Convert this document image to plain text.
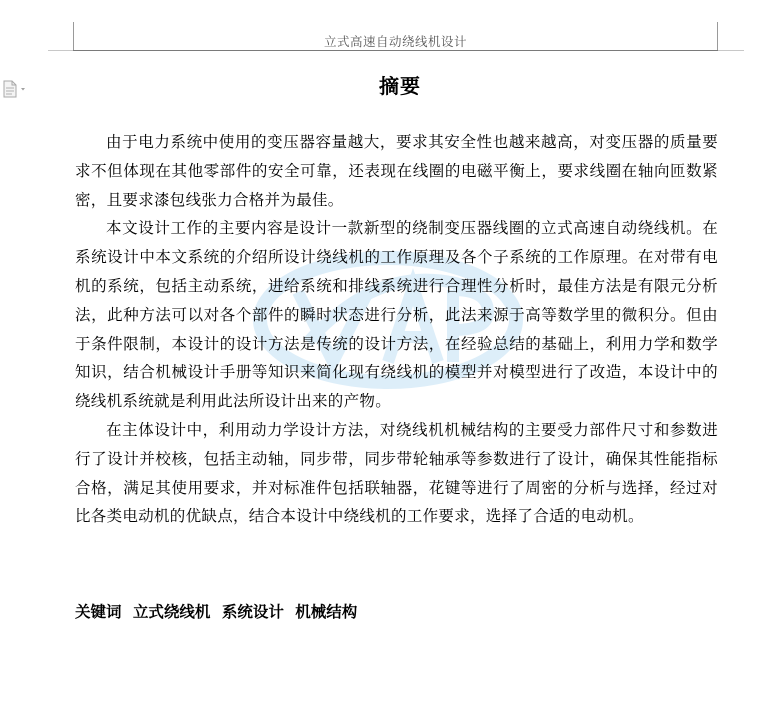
立式高速自动绕线机设计
摘要

由于电力系统中使用的变压器容量越大，要求其安全性也越来越高，对变压器的质量要求不但体现在其他零部件的安全可靠，还表现在线圈的电磁平衡上，要求线圈在轴向匝数紧密，且要求漆包线张力合格并为最佳。

本文设计工作的主要内容是设计一款新型的绕制变压器线圈的立式高速自动绕线机。在系统设计中本文系统的介绍所设计绕线机的工作原理及各个子系统的工作原理。在对带有电机的系统，包括主动系统，进给系统和排线系统进行合理性分析时，最佳方法是有限元分析法，此种方法可以对各个部件的瞬时状态进行分析，此法来源于高等数学里的微积分。但由于条件限制，本设计的设计方法是传统的设计方法，在经验总结的基础上，利用力学和数学知识，结合机械设计手册等知识来简化现有绕线机的模型并对模型进行了改造，本设计中的绕线机系统就是利用此法所设计出来的产物。

在主体设计中，利用动力学设计方法，对绕线机机械结构的主要受力部件尺寸和参数进行了设计并校核，包括主动轴，同步带，同步带轮轴承等参数进行了设计，确保其性能指标合格，满足其使用要求，并对标准件包括联轴器，花键等进行了周密的分析与选择，经过对比各类电动机的优缺点，结合本设计中绕线机的工作要求，选择了合适的电动机。

关键词 立式绕线机 系统设计 机械结构
